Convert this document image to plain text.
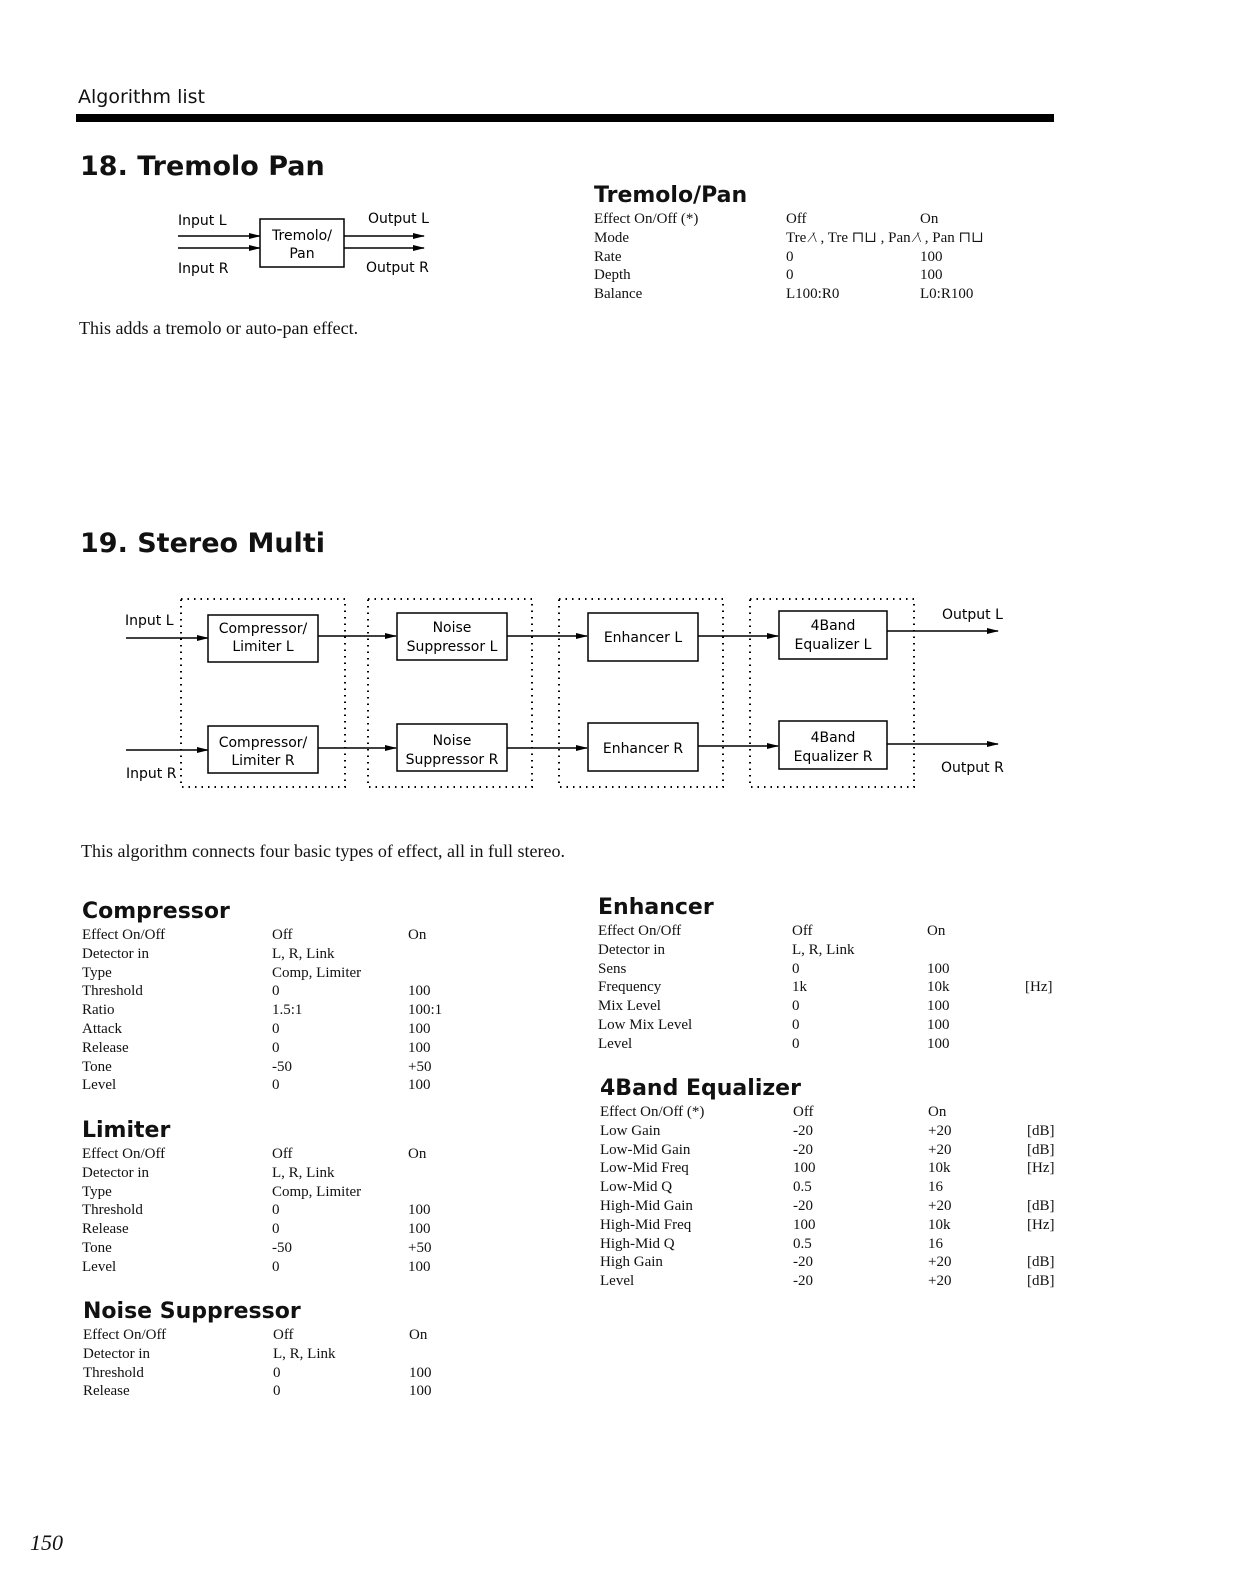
Algorithm list
18. Tremolo Pan
Input L
Input R
Output L
Output R
Tremolo/
Pan
This adds a tremolo or auto-pan effect.
Tremolo/Pan
Effect On/Off (*)	Off	On
Mode	Tre ⁄\ , Tre ⊓⊔ , Pan ⁄\ , Pan ⊓⊔
Rate	0	100
Depth	0	100
Balance	L100:R0	L0:R100
19. Stereo Multi
Input L
Input R
Output L
Output R
Compressor/
Limiter L
Compressor/
Limiter R
Noise
Suppressor L
Noise
Suppressor R
Enhancer L
Enhancer R
4Band
Equalizer L
4Band
Equalizer R
This algorithm connects four basic types of effect, all in full stereo.
Compressor
Effect On/Off	Off	On
Detector in	L, R, Link
Type	Comp, Limiter
Threshold	0	100
Ratio	1.5:1	100:1
Attack	0	100
Release	0	100
Tone	-50	+50
Level	0	100
Limiter
Effect On/Off	Off	On
Detector in	L, R, Link
Type	Comp, Limiter
Threshold	0	100
Release	0	100
Tone	-50	+50
Level	0	100
Noise Suppressor
Effect On/Off	Off	On
Detector in	L, R, Link
Threshold	0	100
Release	0	100
Enhancer
Effect On/Off	Off	On
Detector in	L, R, Link
Sens	0	100
Frequency	1k	10k	[Hz]
Mix Level	0	100
Low Mix Level	0	100
Level	0	100
4Band Equalizer
Effect On/Off (*)	Off	On
Low Gain	-20	+20	[dB]
Low-Mid Gain	-20	+20	[dB]
Low-Mid Freq	100	10k	[Hz]
Low-Mid Q	0.5	16
High-Mid Gain	-20	+20	[dB]
High-Mid Freq	100	10k	[Hz]
High-Mid Q	0.5	16
High Gain	-20	+20	[dB]
Level	-20	+20	[dB]
150
